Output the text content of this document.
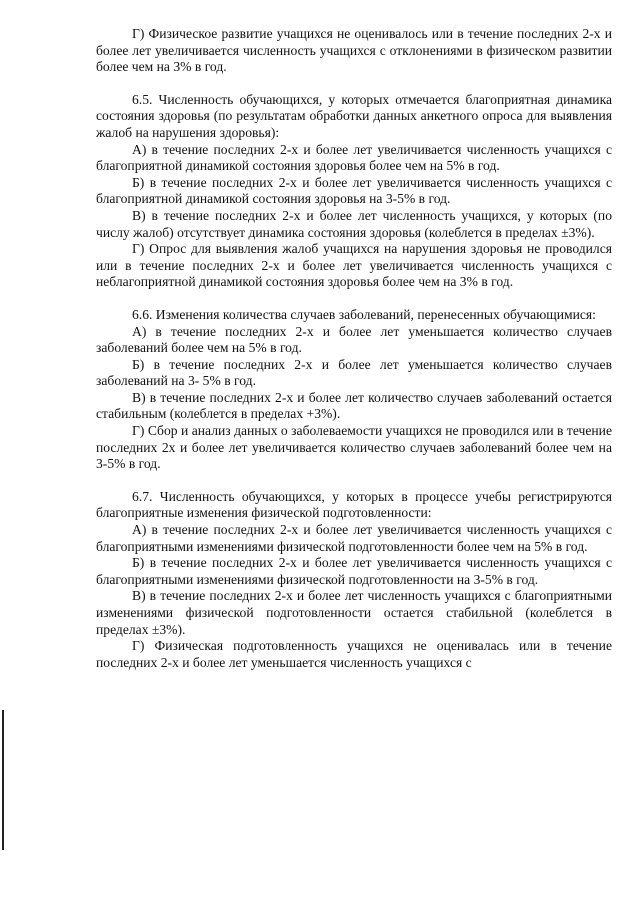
Г) Физическое развитие учащихся не оценивалось или в течение последних 2-х и более лет увеличивается численность учащихся с отклонениями в физическом развитии более чем на 3% в год.

6.5. Численность обучающихся, у которых отмечается благоприятная динамика состояния здоровья (по результатам обработки данных анкетного опроса для выявления жалоб на нарушения здоровья):

А) в течение последних 2-х и более лет увеличивается численность учащихся с благоприятной динамикой состояния здоровья более чем на 5% в год.

Б) в течение последних 2-х и более лет увеличивается численность учащихся с благоприятной динамикой состояния здоровья на 3-5% в год.

В) в течение последних 2-х и более лет численность учащихся, у которых (по числу жалоб) отсутствует динамика состояния здоровья (колеблется в пределах ±3%).

Г) Опрос для выявления жалоб учащихся на нарушения здоровья не проводился или в течение последних 2-х и более лет увеличивается численность учащихся с неблагоприятной динамикой состояния здоровья более чем на 3% в год.

6.6. Изменения количества случаев заболеваний, перенесенных обучающимися:

А) в течение последних 2-х и более лет уменьшается количество случаев заболеваний более чем на 5% в год.

Б) в течение последних 2-х и более лет уменьшается количество случаев заболеваний на 3- 5% в год.

В) в течение последних 2-х и более лет количество случаев заболеваний остается стабильным (колеблется в пределах +3%).

Г) Сбор и анализ данных о заболеваемости учащихся не проводился или в течение последних 2х и более лет увеличивается количество случаев заболеваний более чем на 3-5% в год.

6.7. Численность обучающихся, у которых в процессе учебы регистрируются благоприятные изменения физической подготовленности:

А) в течение последних 2-х и более лет увеличивается численность учащихся с благоприятными изменениями физической подготовленности более чем на 5% в год.

Б) в течение последних 2-х и более лет увеличивается численность учащихся с благоприятными изменениями физической подготовленности на 3-5% в год.

В) в течение последних 2-х и более лет численность учащихся с благоприятными изменениями физической подготовленности остается стабильной (колеблется в пределах ±3%).

Г) Физическая подготовленность учащихся не оценивалась или в течение последних 2-х и более лет уменьшается численность учащихся с
